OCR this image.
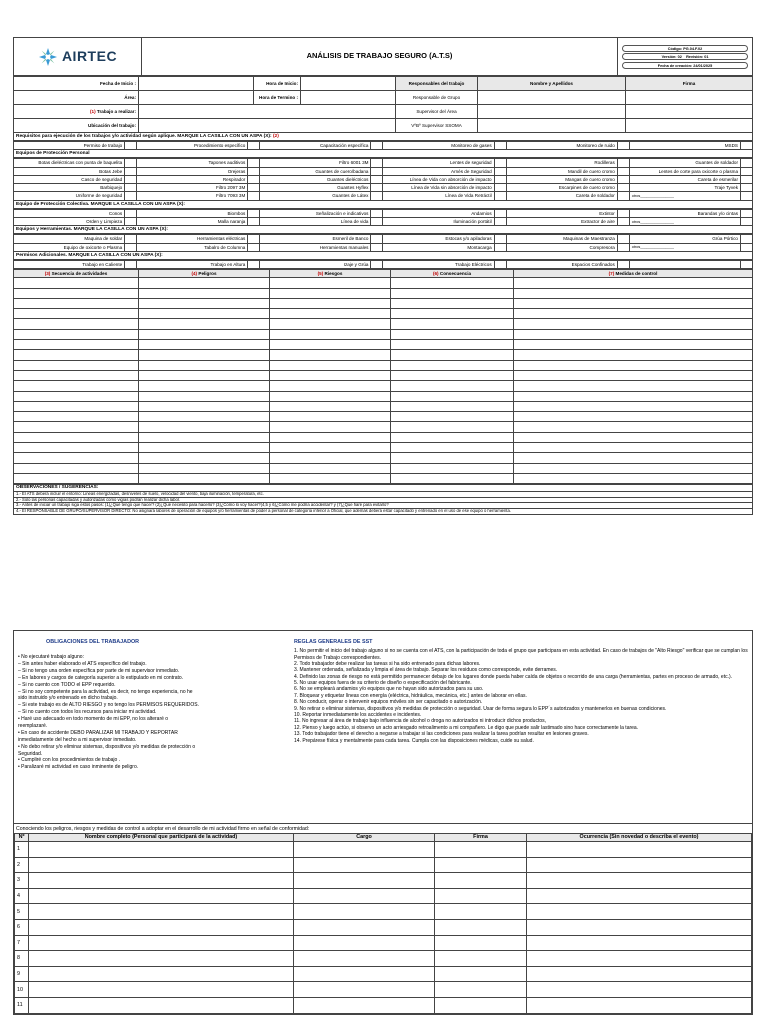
AIRTEC	ANÁLISIS DE TRABAJO SEGURO (A.T.S)	
Código: PG.04.F.02
Versión: 02 Revisión: 01
Fecha de creación: 24/01/2025
Fecha de Inicio :		Hora de Inicio:		Responsables del trabajo	Nombre y Apellidos	Firma
Área:		Hora de Termino :		Responsable de Grupo		
(1) Trabajo a realizar:				Supervisor del Área		
Ubicación del trabajo:				VºBº Supervisor SSOMA		
Requisitos para ejecución de los trabajos y/o actividad según aplique. MARQUE LA CASILLA CON UN ASPA (X): (2)
Permiso de trabajo		Procedimiento específico		Capacitación específica		Monitoreo de gases		Monitoreo de ruido		MSDS	
Equipos de Protección Personal
Botas dieléctricas con punta de baquelita		Tapones auditivos		Filtro 6001 3M		Lentes de seguridad		Rodilleras		Guantes de soldador	
Botas Jebe		Orejeras		Guantes de cuero/badana		Arnés de Seguridad		Mandil de cuero cromo		Lentes de corte para oxicorte o plasma	
Casco de seguridad		Respirador		Guantes dieléctricos		Línea de Vida con absorción de impacto		Mangas de cuero cromo		Careta de esmerilar	
Barbiquejo		Filtro 2097 3M		Guantes Hyflex		Línea de Vida sin absorción de impacto		Escarpines de cuero cromo		Traje Tyvek	
Uniforme de seguridad		Filtro 7093 3M		Guantes de Látex		Línea de Vida Retráctil		Careta de soldador		otros________________	
Equipo de Protección Colectiva. MARQUE LA CASILLA CON UN ASPA (X):
Conos		Biombos		Señalización e indicativos		Andamios		Extintor		Barandas y/o cintas	
Orden y Limpieza		Malla naranja		Línea de vida		Iluminación portátil		Extractor de aire		otros________________	
Equipos y Herramientas. MARQUE LA CASILLA CON UN ASPA (X):
Maquina de soldar		Herramientas eléctricas		Esmeril de Banco		Estocas y/o apiladoras		Maquinas de Maestranza		Grúa Pórtico	
Equipo de oxicorte o Plasma		Tabalro de Columna		Herramientas manuales		Montacarga		Compresora		otros________________	
Permisos Adicionales. MARQUE LA CASILLA CON UN ASPA (X):
Trabajo en Caliente		Trabajo en Altura		Izaje y Grúa		Trabajo Eléctricos		Espacios Confinados			
(3) Secuencia de actividades	(4) Peligros	(5) Riesgos	(6) Consecuencia	(7) Medidas de control

OBSERVACIONES / SUGERENCIAS:
1.- El ATS deberá incluir el entorno: Lineas energizadas, desniveles de suelo, velocidad del viento, baja iluminación, temperatura, etc.
2.- Solo las personas capacitadas y autorizadas como vigías podrán realizar dicha labor.
3.- Antes de iniciar un trabajo siga estos pasos: (1)¿Qué tengo que hacer? (2)¿Qué necesito para hacerlo? (3)¿Cómo lo voy hacer?(4,5 y 6)¿Cómo me podría accidentar? y (7)¿Que haré para evitarlo?
4.- El RESPONSABLE DE GRUPO/SUPERVISOR DIRECTO: No asignará labores de operación de equipos y/o herramientas de poder a personal de categoría inferior a Oficial, que además deberá estar capacitado y entrenado en el uso de ese equipo o herramienta.
OBLIGACIONES DEL TRABAJADOR
• No ejecutaré trabajo alguno:
– Sin antes haber elaborado el ATS específico del trabajo.
– Si no tengo una orden específica por parte de mi supervisor inmediato.
– En labores y cargos de categoría superior a lo estipulado en mi contrato.
– Si no cuento con TODO el EPP requerido.
– Si no soy competente para la actividad, es decir, no tengo experiencia, no he
sido instruido y/o entrenado en dicho trabajo.
– Si este trabajo es de ALTO RIESGO y no tengo los PERMISOS REQUERIDOS.
– Si no cuento con todos los recursos para iniciar mi actividad.
• Haré uso adecuado en todo momento de mi EPP, no los alteraré o
reemplazaré.
• En caso de accidente DEBO PARALIZAR MI TRABAJO Y REPORTAR
inmediatamente del hecho a mi supervisor inmediato.
• No debo retirar y/o eliminar sistemas, dispositivos y/o medidas de protección o
Seguridad.
• Cumpliré con los procedimientos de trabajo .
• Paralizaré mi actividad en caso inminente de peligro.
REGLAS GENERALES DE SST
1. No permitir el inicio del trabajo alguno si no se cuenta con el ATS, con la participación de toda el grupo que participara en esta actividad. En caso de trabajos de "Alto Riesgo" verificar que se cumplan los Permisos de Trabajo correspondientes.
2. Todo trabajador debe realizar las tareas si ha sido entrenado para dichas labores.
3. Mantener ordenada, señalizada y limpia el área de trabajo. Separar los residuos como corresponde, evite derrames.
4. Definido las zonas de riesgo no está permitido permanecer debajo de los lugares donde pueda haber caída de objetos o recorrido de una carga (herramientas, partes en proceso de armado, etc.).
5. No usar equipos fuera de su criterio de diseño o especificación del fabricante.
6. No se empleará andamios y/o equipos que no hayan sido autorizados para su uso.
7. Bloquear y etiquetar líneas con energía (eléctrica, hidráulica, mecánica, etc.) antes de laborar en ellas.
8. No conducir, operar o intervenir equipos móviles sin ser capacitado o autorización.
9. No retirar o eliminar sistemas, dispositivos y/o medidas de protección o seguridad. Usar de forma segura lo EPP´s autorizados y mantenerlos en buenas condiciones.
10. Reportar inmediatamente los accidentes e incidentes.
11. No ingresar al área de trabajo bajo influencia de alcohol o droga no autorizados ni introducir dichos productos,
12. Pienso y luego actúo, si observo un acto arriesgado retroalimento a mi compañero. Le digo que puede salir lastimado sino hace correctamente la tarea.
13. Todo trabajador tiene el derecho a negarse a trabajar si las condiciones para realizar la tarea podrían resultar en lesiones graves.
14. Prepárese física y mentalmente para cada tarea. Cumpla con las disposiciones médicas, cuide su salud.
Conociendo los peligros, riesgos y medidas de control a adoptar en el desarrollo de mi actividad firmo en señal de conformidad:
Nº	Nombre completo (Personal que participará de la actividad)	Cargo	Firma	Ocurrencia (Sin novedad o describa el evento)
1				
2				
3				
4				
5				
6				
7				
8				
9				
10				
11				
